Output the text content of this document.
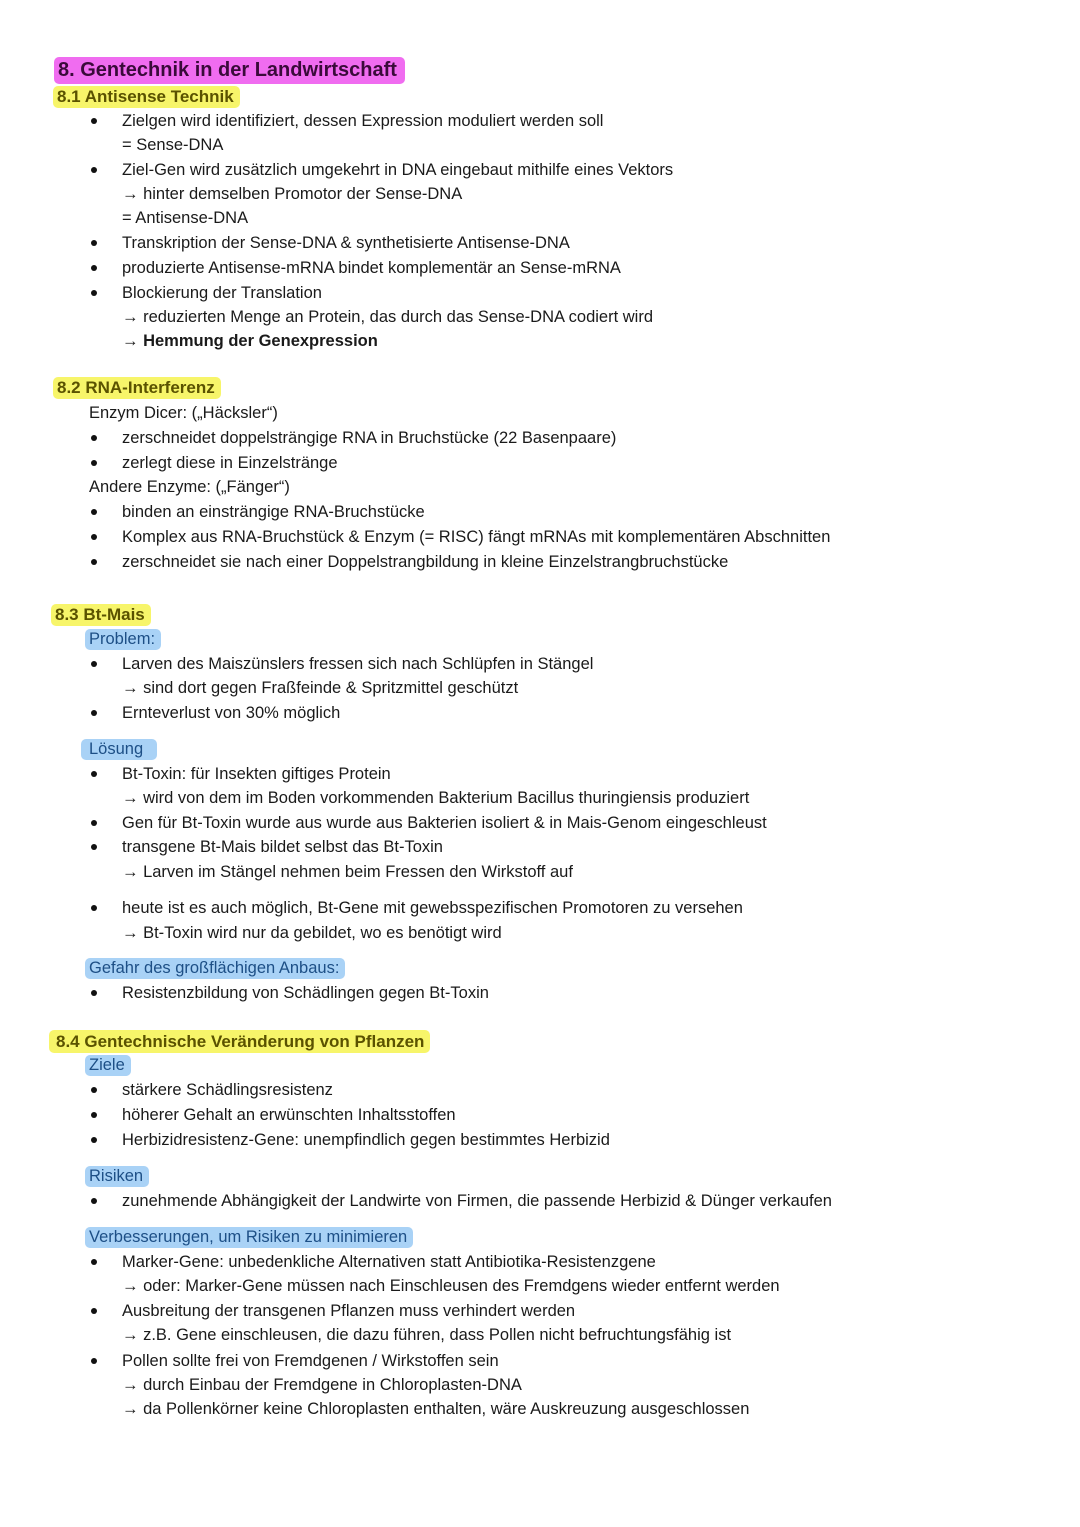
8. Gentechnik in der Landwirtschaft
8.1 Antisense Technik
Zielgen wird identifiziert, dessen Expression moduliert werden soll
= Sense-DNA
Ziel-Gen wird zusätzlich umgekehrt in DNA eingebaut mithilfe eines Vektors
→ hinter demselben Promotor der Sense-DNA
= Antisense-DNA
Transkription der Sense-DNA & synthetisierte Antisense-DNA
produzierte Antisense-mRNA bindet komplementär an Sense-mRNA
Blockierung der Translation
→ reduzierten Menge an Protein, das durch das Sense-DNA codiert wird
→ Hemmung der Genexpression
8.2 RNA-Interferenz
Enzym Dicer: („Häcksler“)
zerschneidet doppelsträngige RNA in Bruchstücke (22 Basenpaare)
zerlegt diese in Einzelstränge
Andere Enzyme: („Fänger“)
binden an einsträngige RNA-Bruchstücke
Komplex aus RNA-Bruchstück & Enzym (= RISC) fängt mRNAs mit komplementären Abschnitten
zerschneidet sie nach einer Doppelstrangbildung in kleine Einzelstrangbruchstücke
8.3 Bt-Mais
Problem:
Larven des Maiszünslers fressen sich nach Schlüpfen in Stängel
→ sind dort gegen Fraßfeinde & Spritzmittel geschützt
Ernteverlust von 30% möglich
Lösung
Bt-Toxin: für Insekten giftiges Protein
→ wird von dem im Boden vorkommenden Bakterium Bacillus thuringiensis produziert
Gen für Bt-Toxin wurde aus wurde aus Bakterien isoliert & in Mais-Genom eingeschleust
transgene Bt-Mais bildet selbst das Bt-Toxin
→ Larven im Stängel nehmen beim Fressen den Wirkstoff auf
heute ist es auch möglich, Bt-Gene mit gewebsspezifischen Promotoren zu versehen
→ Bt-Toxin wird nur da gebildet, wo es benötigt wird
Gefahr des großflächigen Anbaus:
Resistenzbildung von Schädlingen gegen Bt-Toxin
8.4 Gentechnische Veränderung von Pflanzen
Ziele
stärkere Schädlingsresistenz
höherer Gehalt an erwünschten Inhaltsstoffen
Herbizidresistenz-Gene: unempfindlich gegen bestimmtes Herbizid
Risiken
zunehmende Abhängigkeit der Landwirte von Firmen, die passende Herbizid & Dünger verkaufen
Verbesserungen, um Risiken zu minimieren
Marker-Gene: unbedenkliche Alternativen statt Antibiotika-Resistenzgene
→ oder: Marker-Gene müssen nach Einschleusen des Fremdgens wieder entfernt werden
Ausbreitung der transgenen Pflanzen muss verhindert werden
→ z.B. Gene einschleusen, die dazu führen, dass Pollen nicht befruchtungsfähig ist
Pollen sollte frei von Fremdgenen / Wirkstoffen sein
→ durch Einbau der Fremdgene in Chloroplasten-DNA
→ da Pollenkörner keine Chloroplasten enthalten, wäre Auskreuzung ausgeschlossen
